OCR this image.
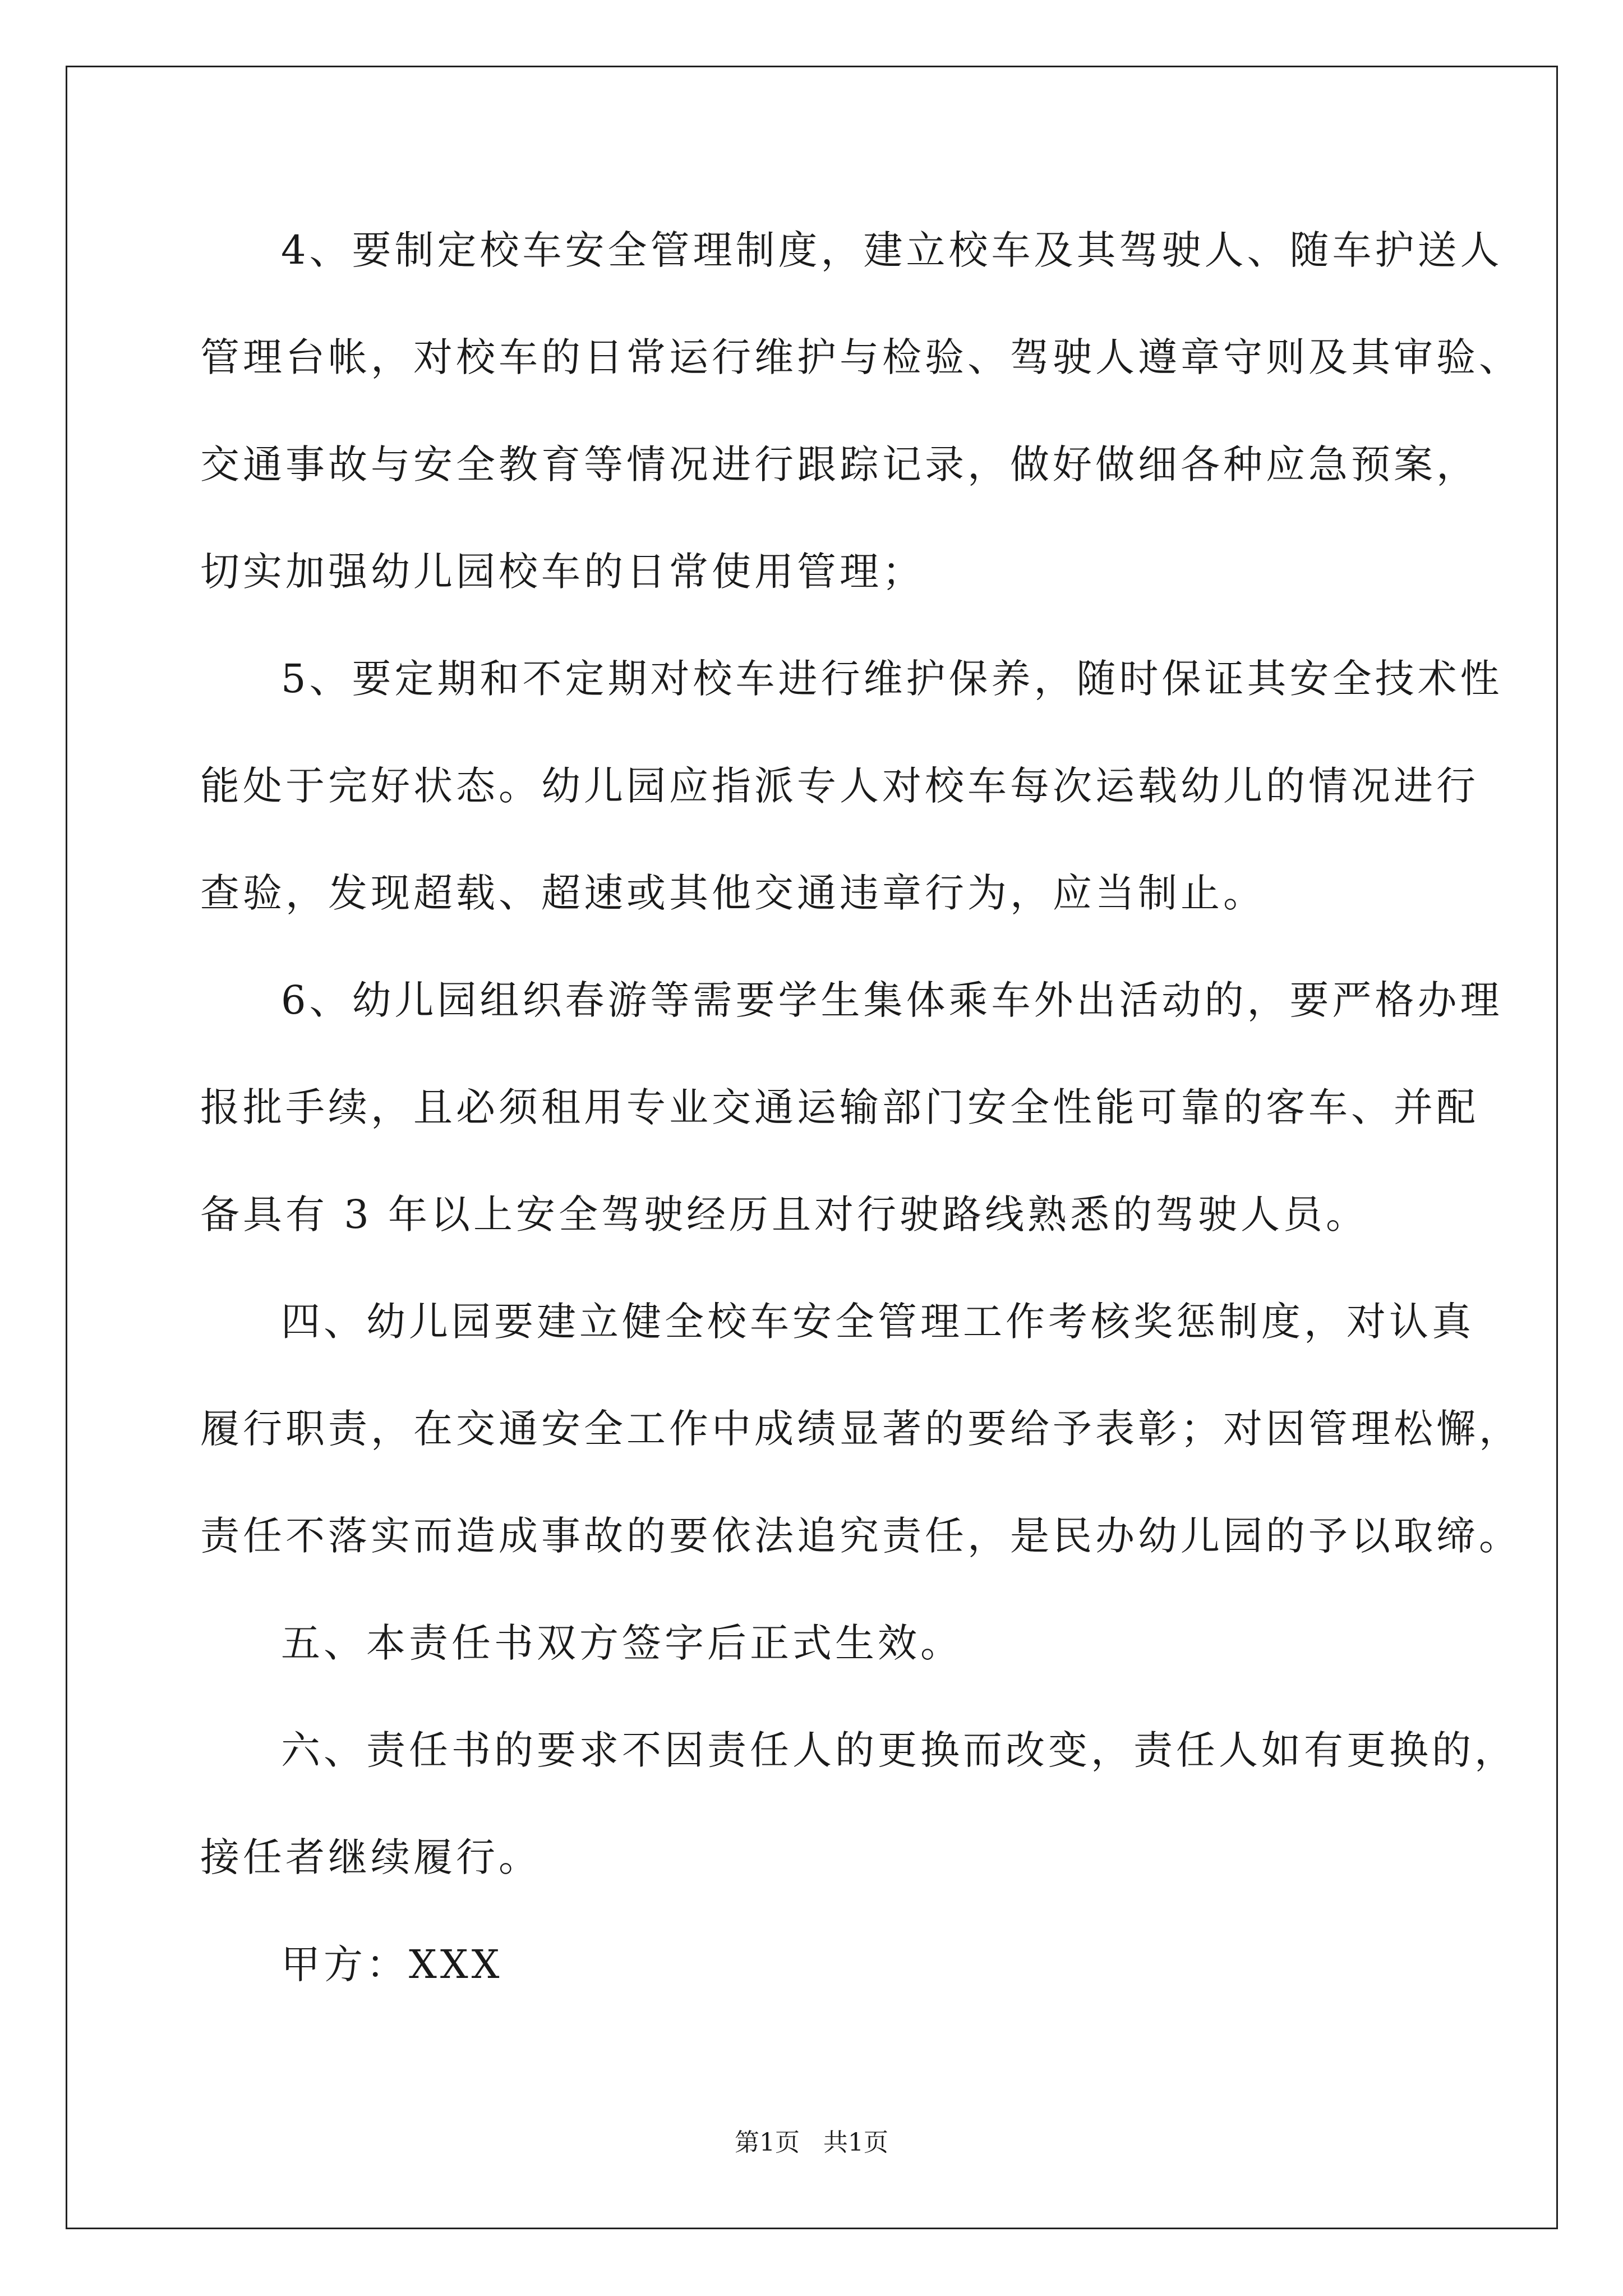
4、要制定校车安全管理制度，建立校车及其驾驶人、随车护送人
管理台帐，对校车的日常运行维护与检验、驾驶人遵章守则及其审验、
交通事故与安全教育等情况进行跟踪记录，做好做细各种应急预案，
切实加强幼儿园校车的日常使用管理；
5、要定期和不定期对校车进行维护保养，随时保证其安全技术性
能处于完好状态。幼儿园应指派专人对校车每次运载幼儿的情况进行
查验，发现超载、超速或其他交通违章行为，应当制止。
6、幼儿园组织春游等需要学生集体乘车外出活动的，要严格办理
报批手续，且必须租用专业交通运输部门安全性能可靠的客车、并配
备具有 3 年以上安全驾驶经历且对行驶路线熟悉的驾驶人员。
四、幼儿园要建立健全校车安全管理工作考核奖惩制度，对认真
履行职责，在交通安全工作中成绩显著的要给予表彰；对因管理松懈，
责任不落实而造成事故的要依法追究责任，是民办幼儿园的予以取缔。
五、本责任书双方签字后正式生效。
六、责任书的要求不因责任人的更换而改变，责任人如有更换的，
接任者继续履行。
甲方：XXX
第1页   共1页
